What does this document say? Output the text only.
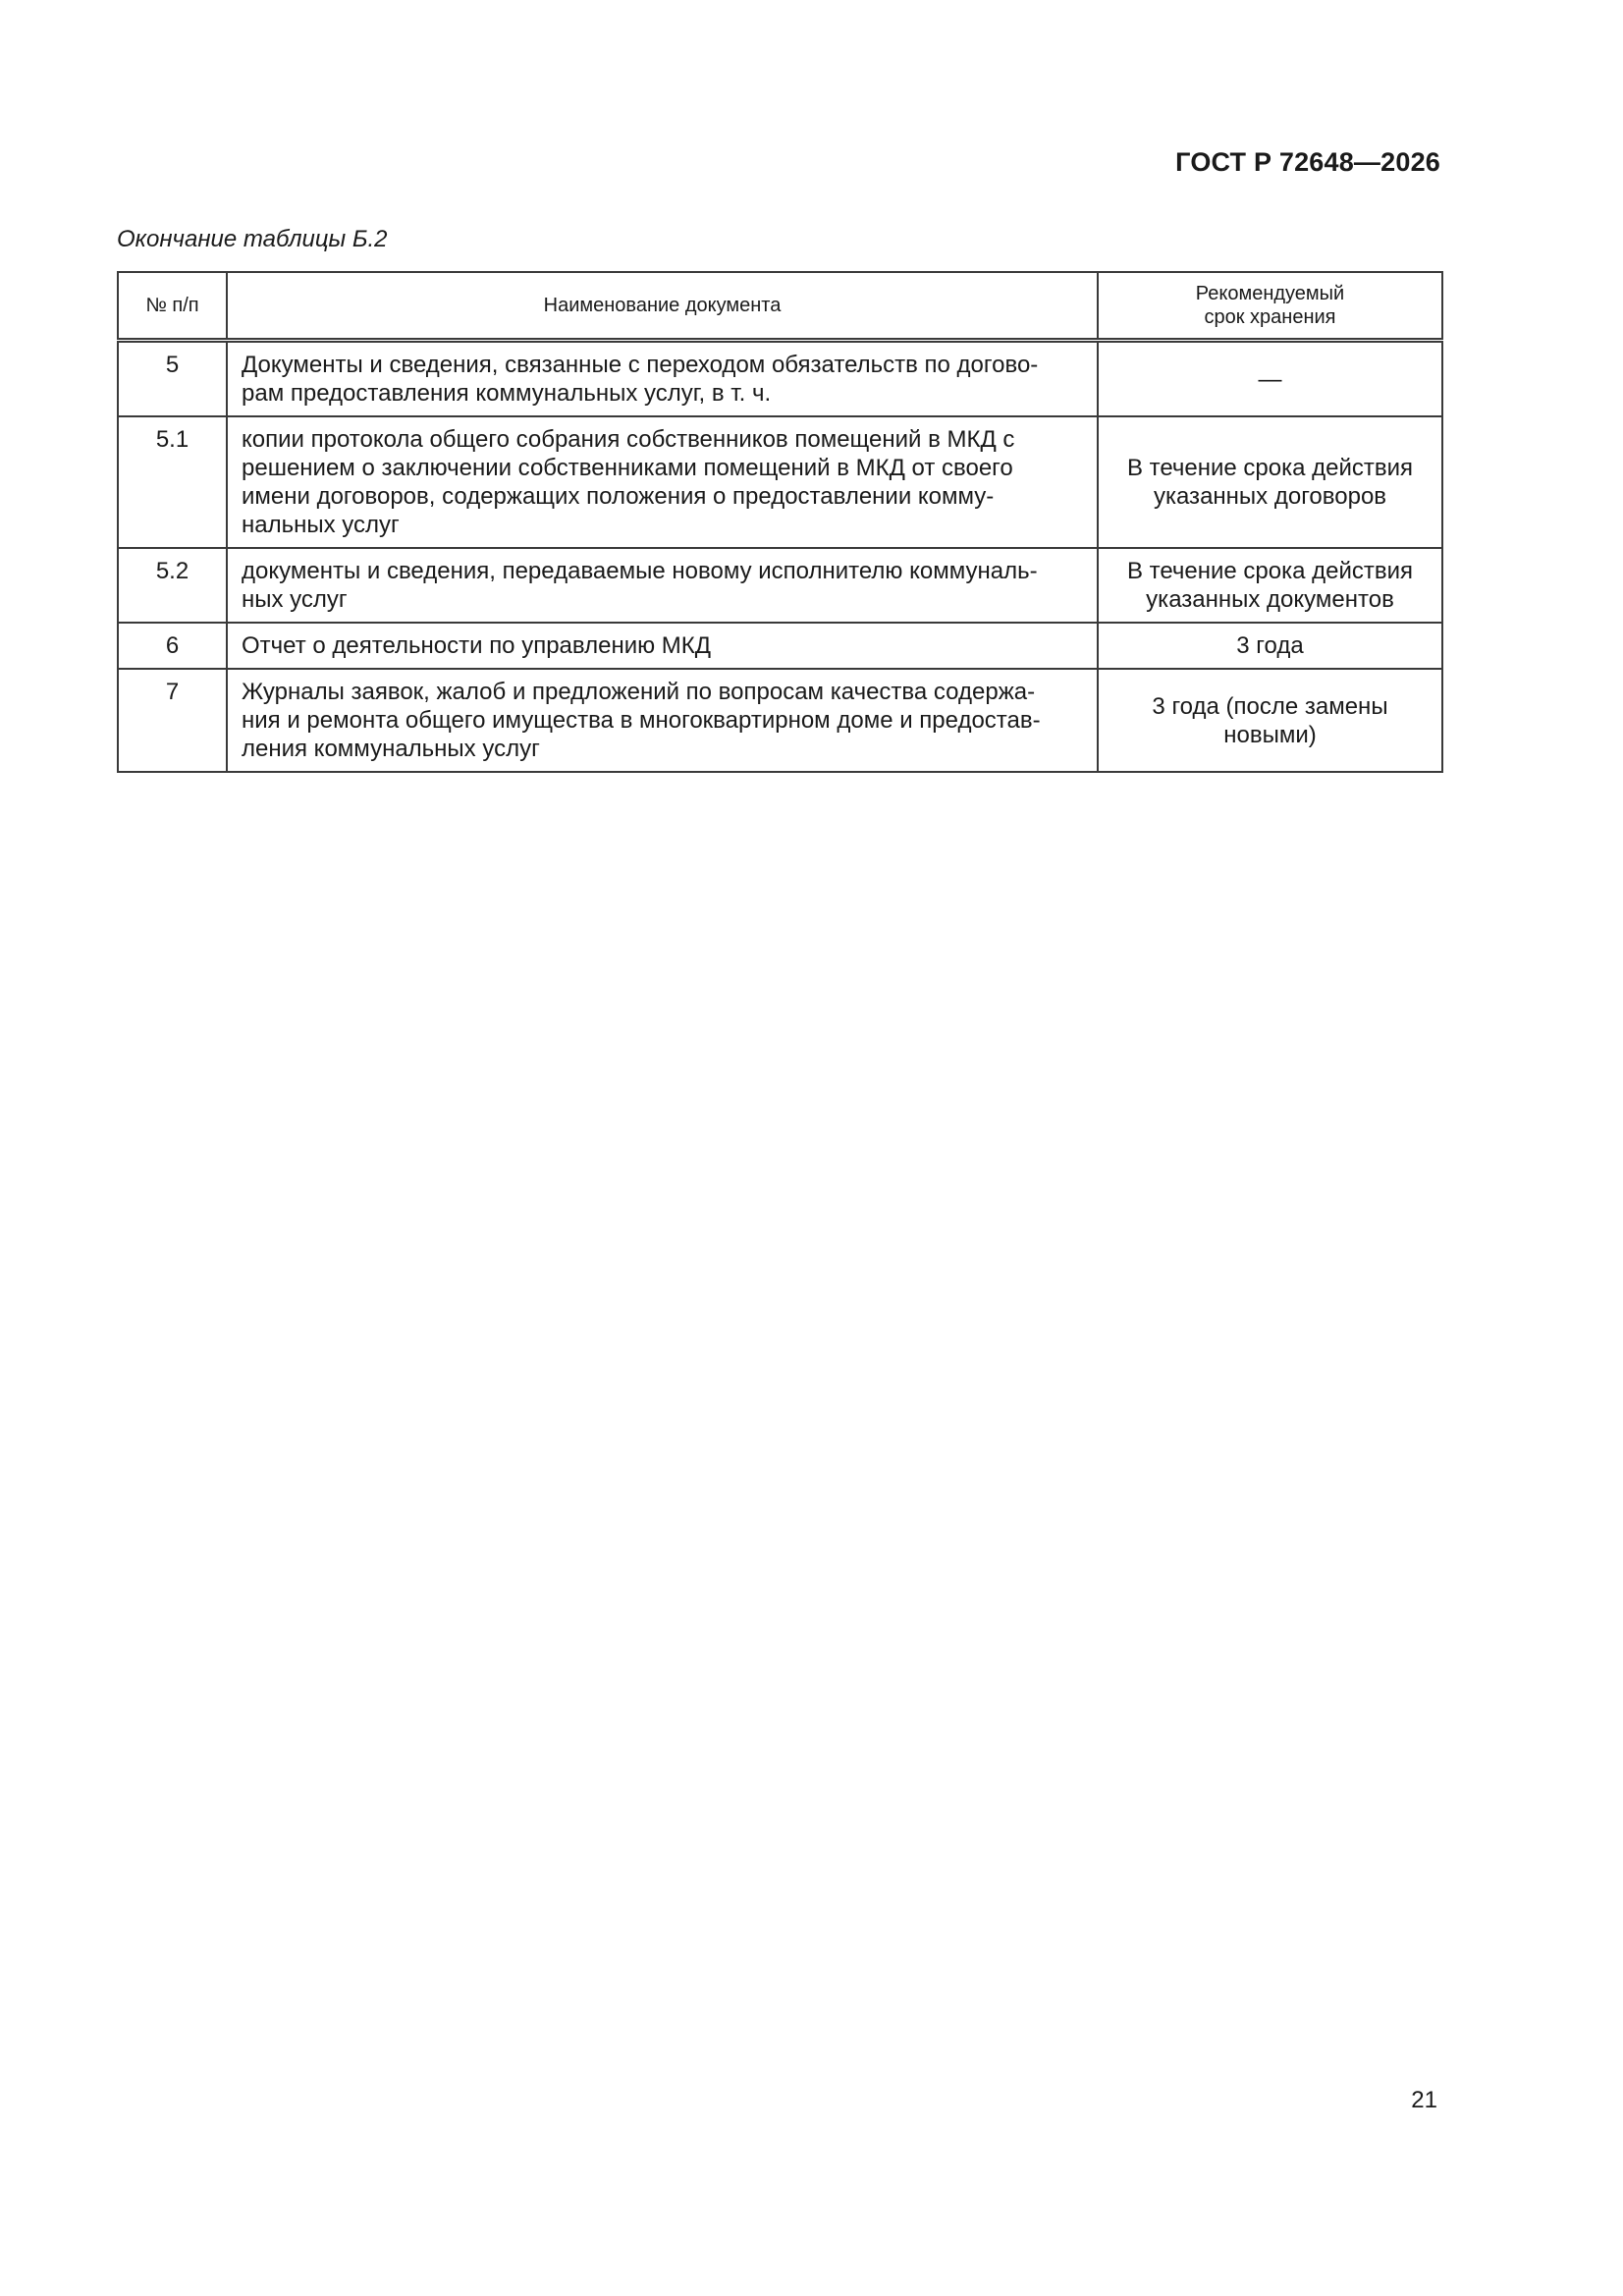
ГОСТ Р 72648—2026
Окончание таблицы Б.2
№ п/п	Наименование документа	Рекомендуемый
срок хранения
5	Документы и сведения, связанные с переходом обязательств по догово-
рам предоставления коммунальных услуг, в т. ч.	—
5.1	копии протокола общего собрания собственников помещений в МКД с
решением о заключении собственниками помещений в МКД от своего
имени договоров, содержащих положения о предоставлении комму-
нальных услуг	В течение срока действия
указанных договоров
5.2	документы и сведения, передаваемые новому исполнителю коммуналь-
ных услуг	В течение срока действия
указанных документов
6	Отчет о деятельности по управлению МКД	3 года
7	Журналы заявок, жалоб и предложений по вопросам качества содержа-
ния и ремонта общего имущества в многоквартирном доме и предостав-
ления коммунальных услуг	3 года (после замены
новыми)
21
